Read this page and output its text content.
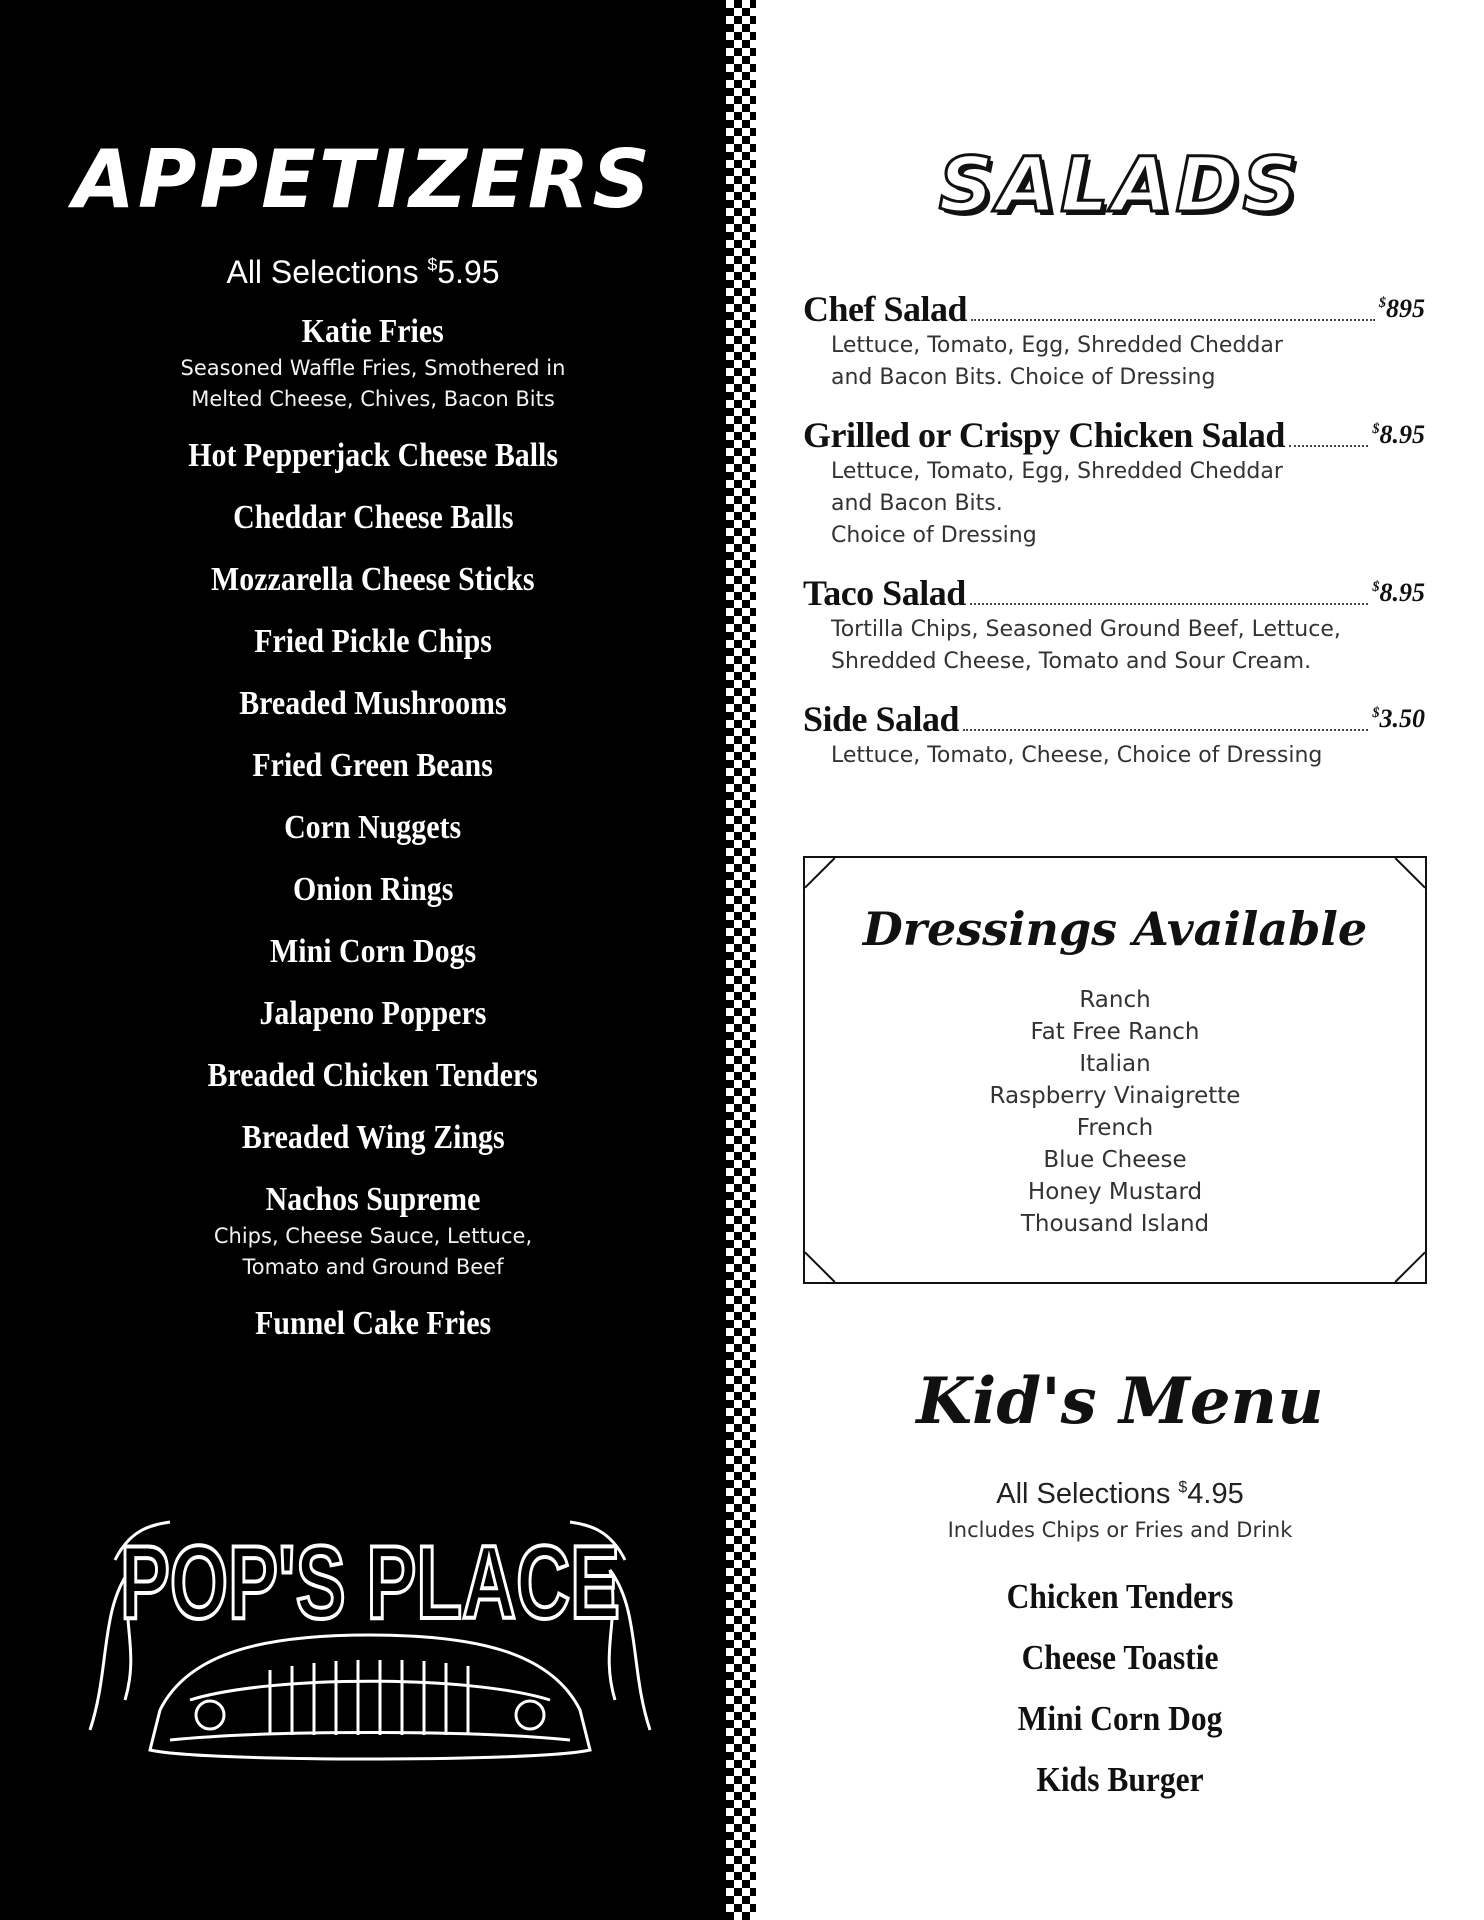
APPETIZERS
All Selections $5.95
Katie Fries
Seasoned Waffle Fries, Smothered in
Melted Cheese, Chives, Bacon Bits
Hot Pepperjack Cheese Balls
Cheddar Cheese Balls
Mozzarella Cheese Sticks
Fried Pickle Chips
Breaded Mushrooms
Fried Green Beans
Corn Nuggets
Onion Rings
Mini Corn Dogs
Jalapeno Poppers
Breaded Chicken Tenders
Breaded Wing Zings
Nachos Supreme
Chips, Cheese Sauce, Lettuce,
Tomato and Ground Beef
Funnel Cake Fries
POP'S PLACE
SALADS
Chef Salad	$895
Lettuce, Tomato, Egg, Shredded Cheddar
and Bacon Bits. Choice of Dressing
Grilled or Crispy Chicken Salad	$8.95
Lettuce, Tomato, Egg, Shredded Cheddar
and Bacon Bits.
Choice of Dressing
Taco Salad	$8.95
Tortilla Chips, Seasoned Ground Beef, Lettuce,
Shredded Cheese, Tomato and Sour Cream.
Side Salad	$3.50
Lettuce, Tomato, Cheese, Choice of Dressing
Dressings Available
Ranch
Fat Free Ranch
Italian
Raspberry Vinaigrette
French
Blue Cheese
Honey Mustard
Thousand Island
Kid's Menu
All Selections $4.95
Includes Chips or Fries and Drink
Chicken Tenders
Cheese Toastie
Mini Corn Dog
Kids Burger
